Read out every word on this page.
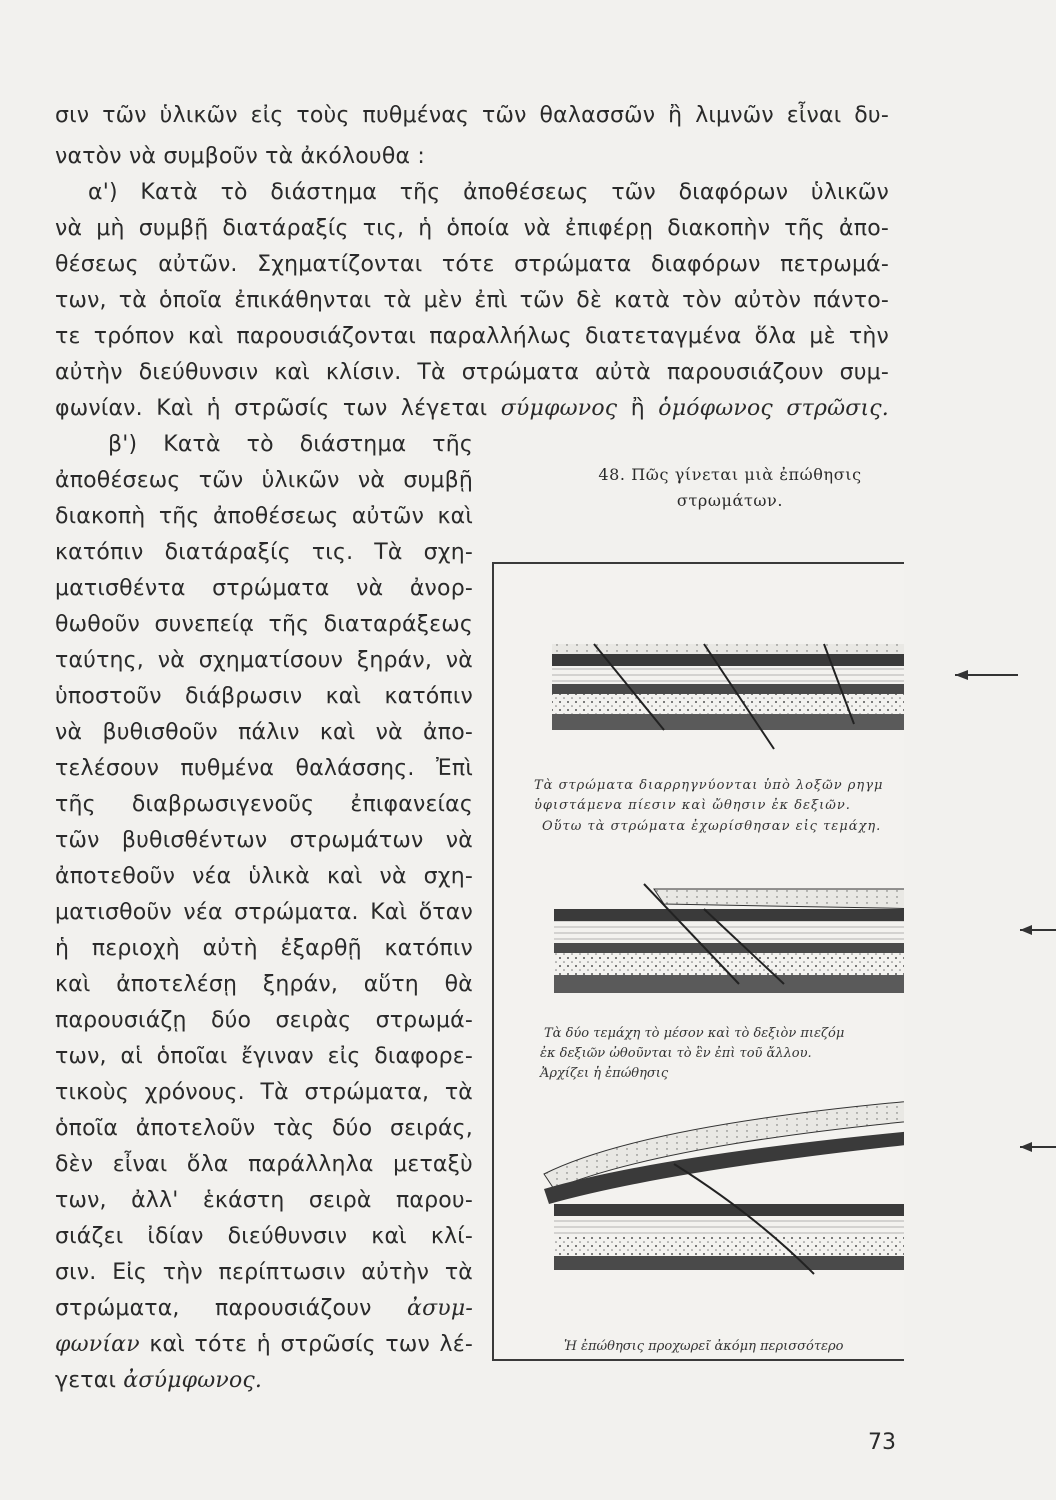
σιν τῶν ὑλικῶν εἰς τοὺς πυθμένας τῶν θαλασσῶν ἢ λιμνῶν εἶναι δυ-
νατὸν νὰ συμβοῦν τὰ ἀκόλουθα :
α') Κατὰ τὸ διάστημα τῆς ἀποθέσεως τῶν διαφόρων ὑλικῶν
νὰ μὴ συμβῇ διατάραξίς τις, ἡ ὁποία νὰ ἐπιφέρῃ διακοπὴν τῆς ἀπο-
θέσεως αὐτῶν. Σχηματίζονται τότε στρώματα διαφόρων πετρωμά-
των, τὰ ὁποῖα ἐπικάθηνται τὰ μὲν ἐπὶ τῶν δὲ κατὰ τὸν αὐτὸν πάντο-
τε τρόπον καὶ παρουσιάζονται παραλλήλως διατεταγμένα ὅλα μὲ τὴν
αὐτὴν διεύθυνσιν καὶ κλίσιν. Τὰ στρώματα αὐτὰ παρουσιάζουν συμ-
φωνίαν. Καὶ ἡ στρῶσίς των λέγεται σύμφωνος ἢ ὁμόφωνος στρῶσις.
β') Κατὰ τὸ διάστημα τῆς
ἀποθέσεως τῶν ὑλικῶν νὰ συμβῇ
διακοπὴ τῆς ἀποθέσεως αὐτῶν καὶ
κατόπιν διατάραξίς τις. Τὰ σχη-
ματισθέντα στρώματα νὰ ἀνορ-
θωθοῦν συνεπείᾳ τῆς διαταράξεως
ταύτης, νὰ σχηματίσουν ξηράν, νὰ
ὑποστοῦν διάβρωσιν καὶ κατόπιν
νὰ βυθισθοῦν πάλιν καὶ νὰ ἀπο-
τελέσουν πυθμένα θαλάσσης. Ἐπὶ
τῆς διαβρωσιγενοῦς ἐπιφανείας
τῶν βυθισθέντων στρωμάτων νὰ
ἀποτεθοῦν νέα ὑλικὰ καὶ νὰ σχη-
ματισθοῦν νέα στρώματα. Καὶ ὅταν
ἡ περιοχὴ αὐτὴ ἐξαρθῇ κατόπιν
καὶ ἀποτελέσῃ ξηράν, αὕτη θὰ
παρουσιάζῃ δύο σειρὰς στρωμά-
των, αἱ ὁποῖαι ἔγιναν εἰς διαφορε-
τικοὺς χρόνους. Τὰ στρώματα, τὰ
ὁποῖα ἀποτελοῦν τὰς δύο σειράς,
δὲν εἶναι ὅλα παράλληλα μεταξὺ
των, ἀλλ' ἑκάστη σειρὰ παρου-
σιάζει ἰδίαν διεύθυνσιν καὶ κλί-
σιν. Εἰς τὴν περίπτωσιν αὐτὴν τὰ
στρώματα, παρουσιάζουν ἀσυμ-
φωνίαν καὶ τότε ἡ στρῶσίς των λέ-
γεται ἀσύμφωνος.
48. Πῶς γίνεται μιὰ ἐπώθησις
στρωμάτων.
Τὰ στρώματα διαρρηγνύονται ὑπὸ λοξῶν ρηγμ
ὑφιστάμενα πίεσιν καὶ ὤθησιν ἐκ δεξιῶν.
Οὕτω τὰ στρώματα ἐχωρίσθησαν εἰς τεμάχη.
Τὰ δύο τεμάχη τὸ μέσον καὶ τὸ δεξιὸν πιεζόμ
ἐκ δεξιῶν ὠθοῦνται τὸ ἓν ἐπὶ τοῦ ἄλλου.
Ἀρχίζει ἡ ἐπώθησις
Ἡ ἐπώθησις προχωρεῖ ἀκόμη περισσότερο
73
